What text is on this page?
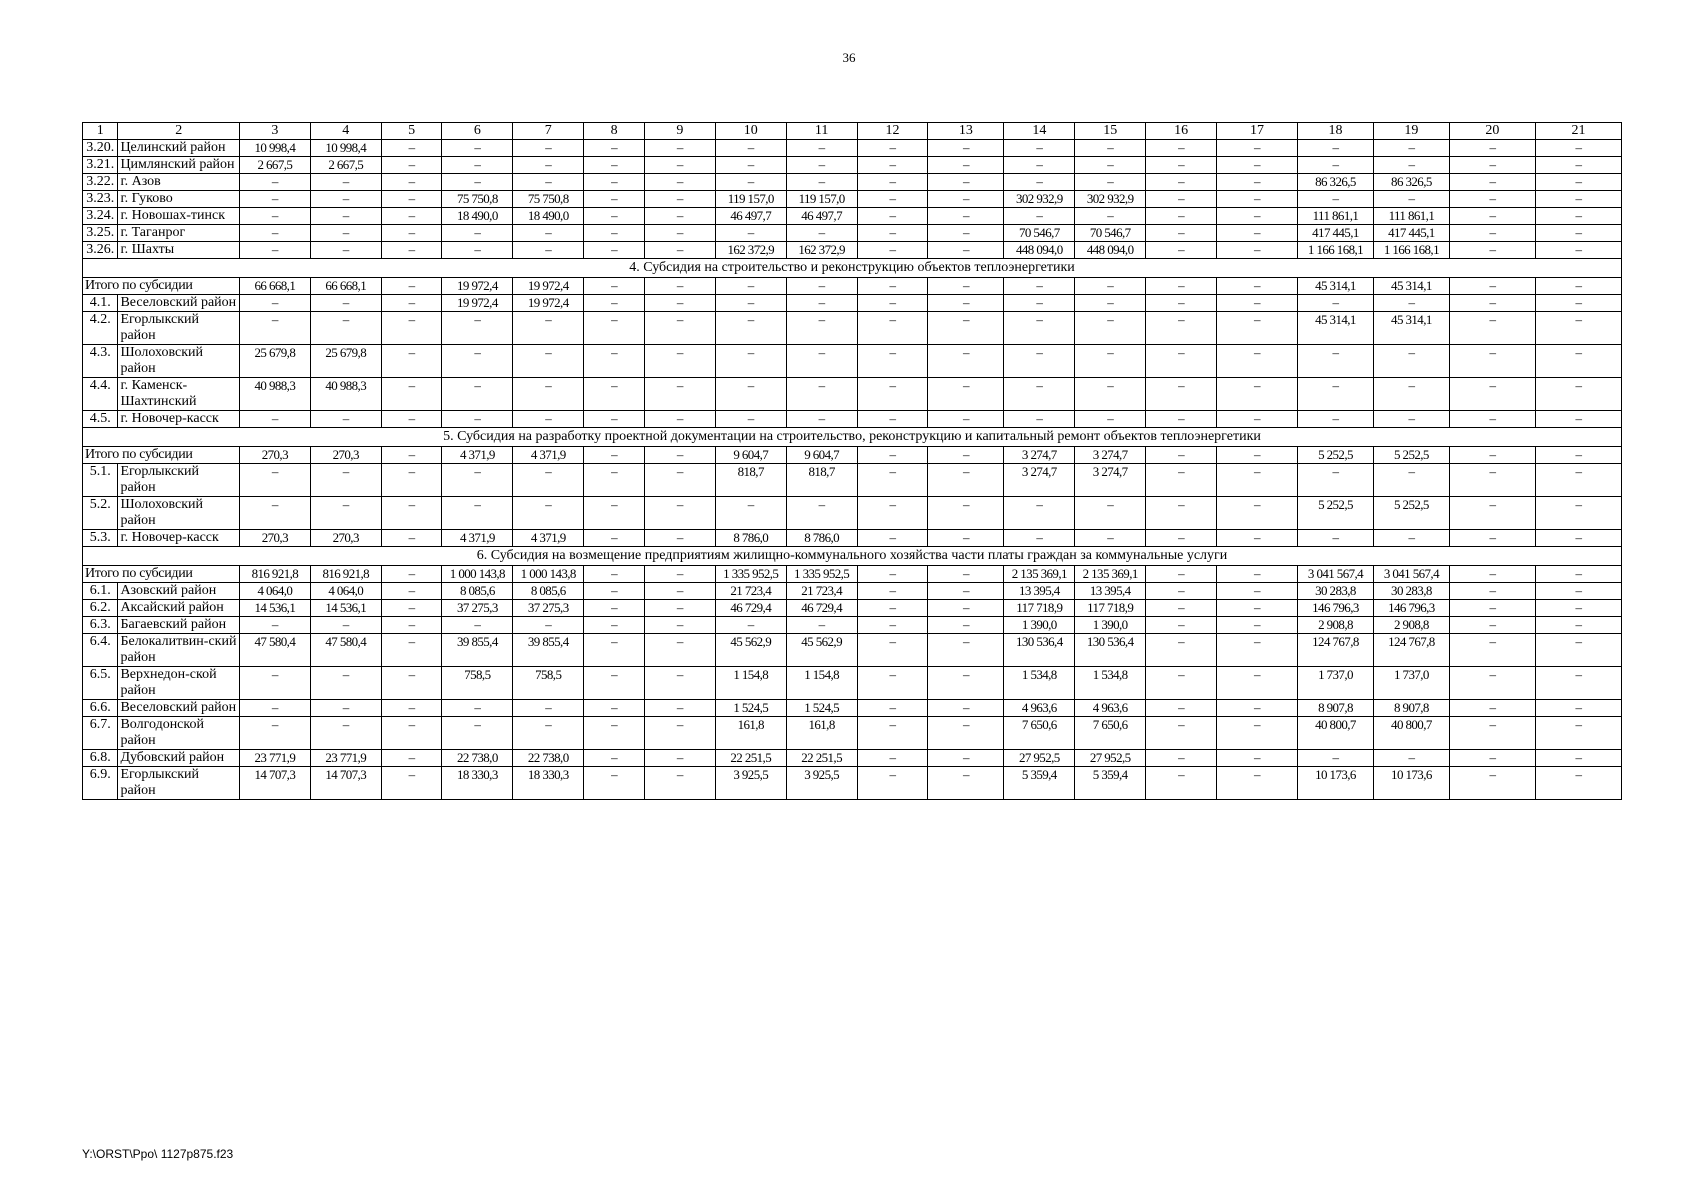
36
1	2	3	4	5	6	7	8	9	10	11	12	13	14	15	16	17	18	19	20	21
3.20.	Целинский район	10 998,4	10 998,4	–	–	–	–	–	–	–	–	–	–	–	–	–	–	–	–	–
3.21.	Цимлянский район	2 667,5	2 667,5	–	–	–	–	–	–	–	–	–	–	–	–	–	–	–	–	–
3.22.	г. Азов	–	–	–	–	–	–	–	–	–	–	–	–	–	–	–	86 326,5	86 326,5	–	–
3.23.	г. Гуково	–	–	–	75 750,8	75 750,8	–	–	119 157,0	119 157,0	–	–	302 932,9	302 932,9	–	–	–	–	–	–
3.24.	г. Новошах-тинск	–	–	–	18 490,0	18 490,0	–	–	46 497,7	46 497,7	–	–	–	–	–	–	111 861,1	111 861,1	–	–
3.25.	г. Таганрог	–	–	–	–	–	–	–	–	–	–	–	70 546,7	70 546,7	–	–	417 445,1	417 445,1	–	–
3.26.	г. Шахты	–	–	–	–	–	–	–	162 372,9	162 372,9	–	–	448 094,0	448 094,0	–	–	1 166 168,1	1 166 168,1	–	–
4. Субсидия на строительство и реконструкцию объектов теплоэнергетики																				
Итого по субсидии		66 668,1	66 668,1	–	19 972,4	19 972,4	–	–	–	–	–	–	–	–	–	–	45 314,1	45 314,1	–	–
4.1.	Веселовский район	–	–	–	19 972,4	19 972,4	–	–	–	–	–	–	–	–	–	–	–	–	–	–
4.2.	Егорлыкский район	–	–	–	–	–	–	–	–	–	–	–	–	–	–	–	45 314,1	45 314,1	–	–
4.3.	Шолоховский район	25 679,8	25 679,8	–	–	–	–	–	–	–	–	–	–	–	–	–	–	–	–	–
4.4.	г. Каменск-Шахтинский	40 988,3	40 988,3	–	–	–	–	–	–	–	–	–	–	–	–	–	–	–	–	–
4.5.	г. Новочер-касск	–	–	–	–	–	–	–	–	–	–	–	–	–	–	–	–	–	–	–
5. Субсидия на разработку проектной документации на строительство, реконструкцию и капитальный ремонт объектов теплоэнергетики																				
Итого по субсидии		270,3	270,3	–	4 371,9	4 371,9	–	–	9 604,7	9 604,7	–	–	3 274,7	3 274,7	–	–	5 252,5	5 252,5	–	–
5.1.	Егорлыкский район	–	–	–	–	–	–	–	818,7	818,7	–	–	3 274,7	3 274,7	–	–	–	–	–	–
5.2.	Шолоховский район	–	–	–	–	–	–	–	–	–	–	–	–	–	–	–	5 252,5	5 252,5	–	–
5.3.	г. Новочер-касск	270,3	270,3	–	4 371,9	4 371,9	–	–	8 786,0	8 786,0	–	–	–	–	–	–	–	–	–	–
6. Субсидия на возмещение предприятиям жилищно-коммунального хозяйства части платы граждан за коммунальные услуги																				
Итого по субсидии		816 921,8	816 921,8	–	1 000 143,8	1 000 143,8	–	–	1 335 952,5	1 335 952,5	–	–	2 135 369,1	2 135 369,1	–	–	3 041 567,4	3 041 567,4	–	–
6.1.	Азовский район	4 064,0	4 064,0	–	8 085,6	8 085,6	–	–	21 723,4	21 723,4	–	–	13 395,4	13 395,4	–	–	30 283,8	30 283,8	–	–
6.2.	Аксайский район	14 536,1	14 536,1	–	37 275,3	37 275,3	–	–	46 729,4	46 729,4	–	–	117 718,9	117 718,9	–	–	146 796,3	146 796,3	–	–
6.3.	Багаевский район	–	–	–	–	–	–	–	–	–	–	–	1 390,0	1 390,0	–	–	2 908,8	2 908,8	–	–
6.4.	Белокалитвин-ский район	47 580,4	47 580,4	–	39 855,4	39 855,4	–	–	45 562,9	45 562,9	–	–	130 536,4	130 536,4	–	–	124 767,8	124 767,8	–	–
6.5.	Верхнедон-ской район	–	–	–	758,5	758,5	–	–	1 154,8	1 154,8	–	–	1 534,8	1 534,8	–	–	1 737,0	1 737,0	–	–
6.6.	Веселовский район	–	–	–	–	–	–	–	1 524,5	1 524,5	–	–	4 963,6	4 963,6	–	–	8 907,8	8 907,8	–	–
6.7.	Волгодонской район	–	–	–	–	–	–	–	161,8	161,8	–	–	7 650,6	7 650,6	–	–	40 800,7	40 800,7	–	–
6.8.	Дубовский район	23 771,9	23 771,9	–	22 738,0	22 738,0	–	–	22 251,5	22 251,5	–	–	27 952,5	27 952,5	–	–	–	–	–	–
6.9.	Егорлыкский район	14 707,3	14 707,3	–	18 330,3	18 330,3	–	–	3 925,5	3 925,5	–	–	5 359,4	5 359,4	–	–	10 173,6	10 173,6	–	–
Y:\ORST\Ppo\ 1127p875.f23
